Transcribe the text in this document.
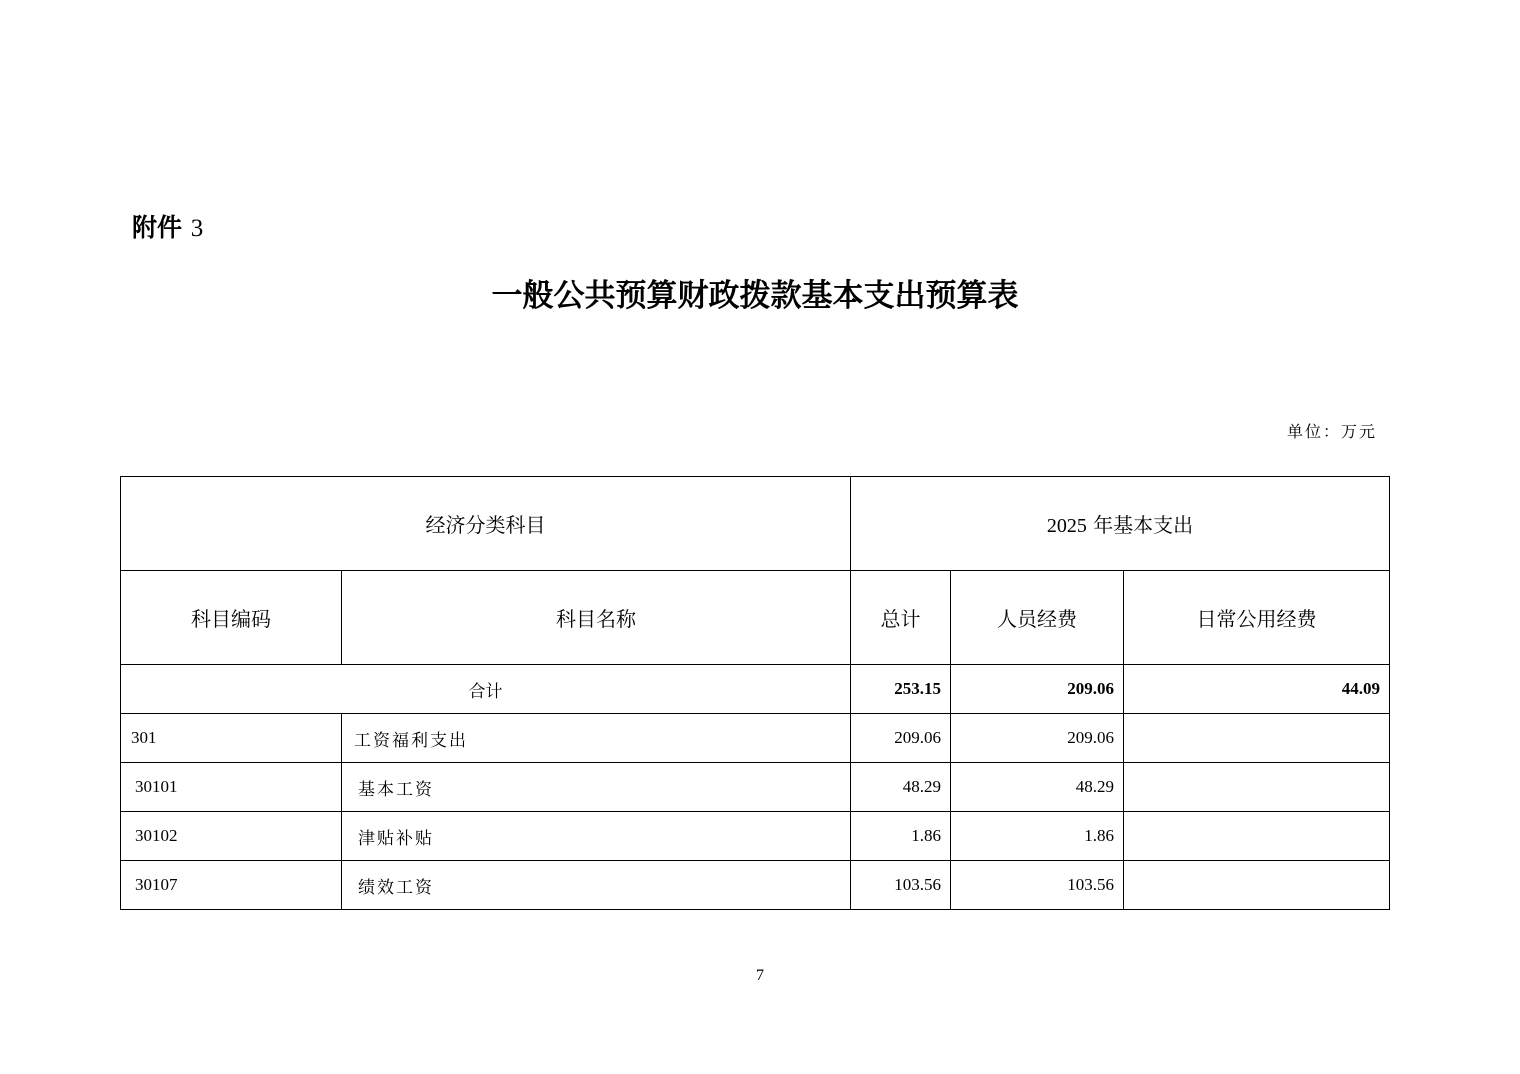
附件 3
一般公共预算财政拨款基本支出预算表
单位：万元
经济分类科目		2025 年基本支出		
科目编码	科目名称	总计	人员经费	日常公用经费
合计		253.15	209.06	44.09
301	工资福利支出	209.06	209.06	
30101	基本工资	48.29	48.29	
30102	津贴补贴	1.86	1.86	
30107	绩效工资	103.56	103.56	
7
